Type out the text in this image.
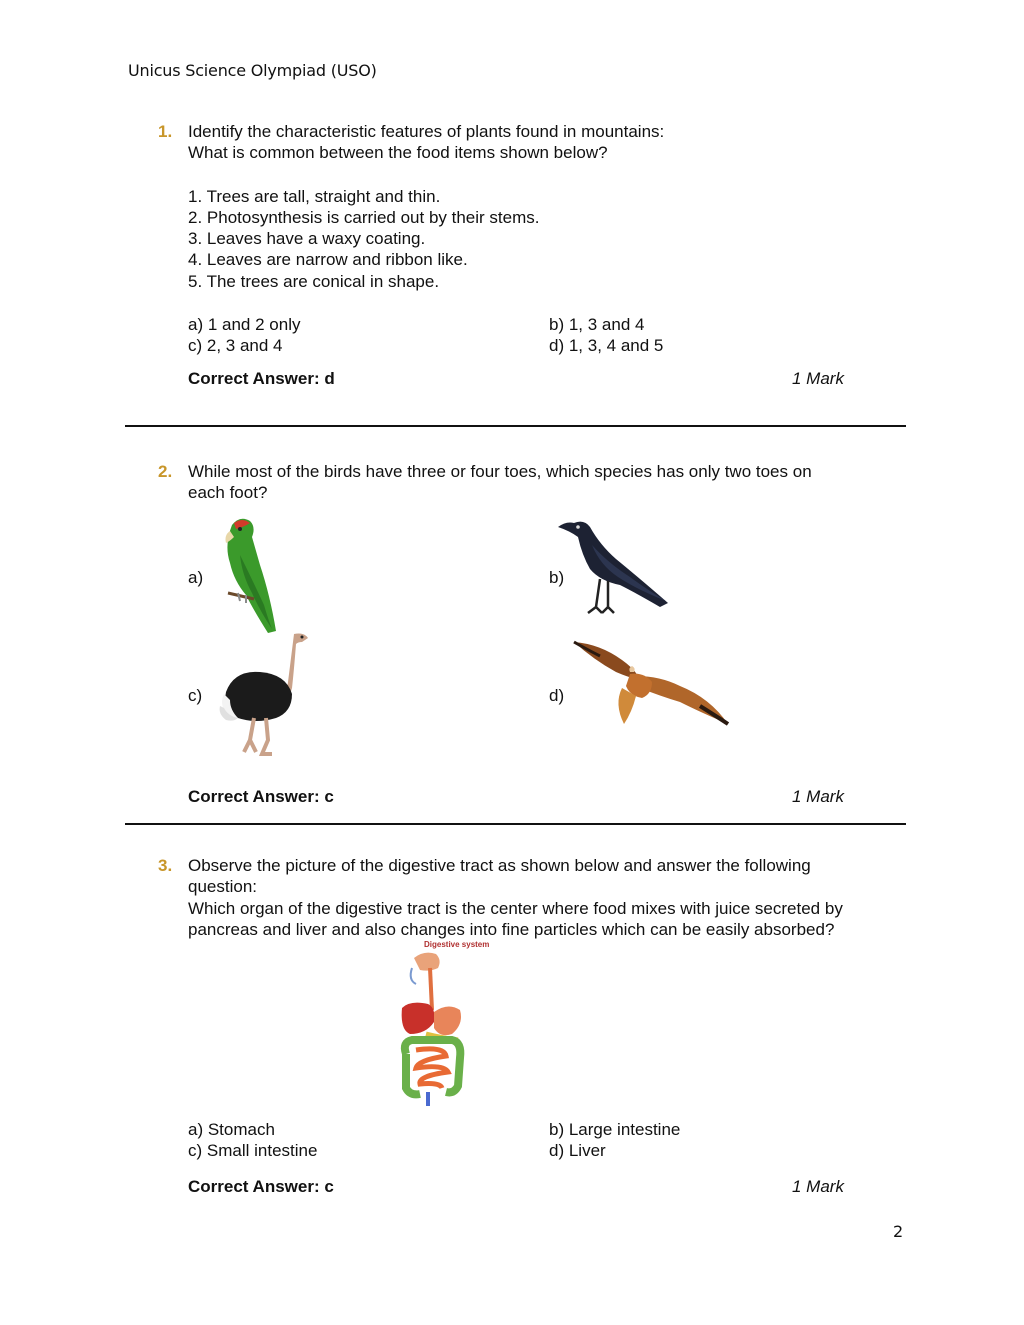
Unicus Science Olympiad (USO)
1. Identify the characteristic features of plants found in mountains:
What is common between the food items shown below?
1. Trees are tall, straight and thin.
2. Photosynthesis is carried out by their stems.
3. Leaves have a waxy coating.
4. Leaves are narrow and ribbon like.
5. The trees are conical in shape.
a) 1 and 2 only	b) 1, 3 and 4
c) 2, 3 and 4	d) 1, 3, 4 and 5
Correct Answer: d	1 Mark
2. While most of the birds have three or four toes, which species has only two toes on
each foot?
a)	b)
c)	d)
Correct Answer: c	1 Mark
3. Observe the picture of the digestive tract as shown below and answer the following
question:
Which organ of the digestive tract is the center where food mixes with juice secreted by
pancreas and liver and also changes into fine particles which can be easily absorbed?
Digestive system
a) Stomach	b) Large intestine
c) Small intestine	d) Liver
Correct Answer: c	1 Mark
2
